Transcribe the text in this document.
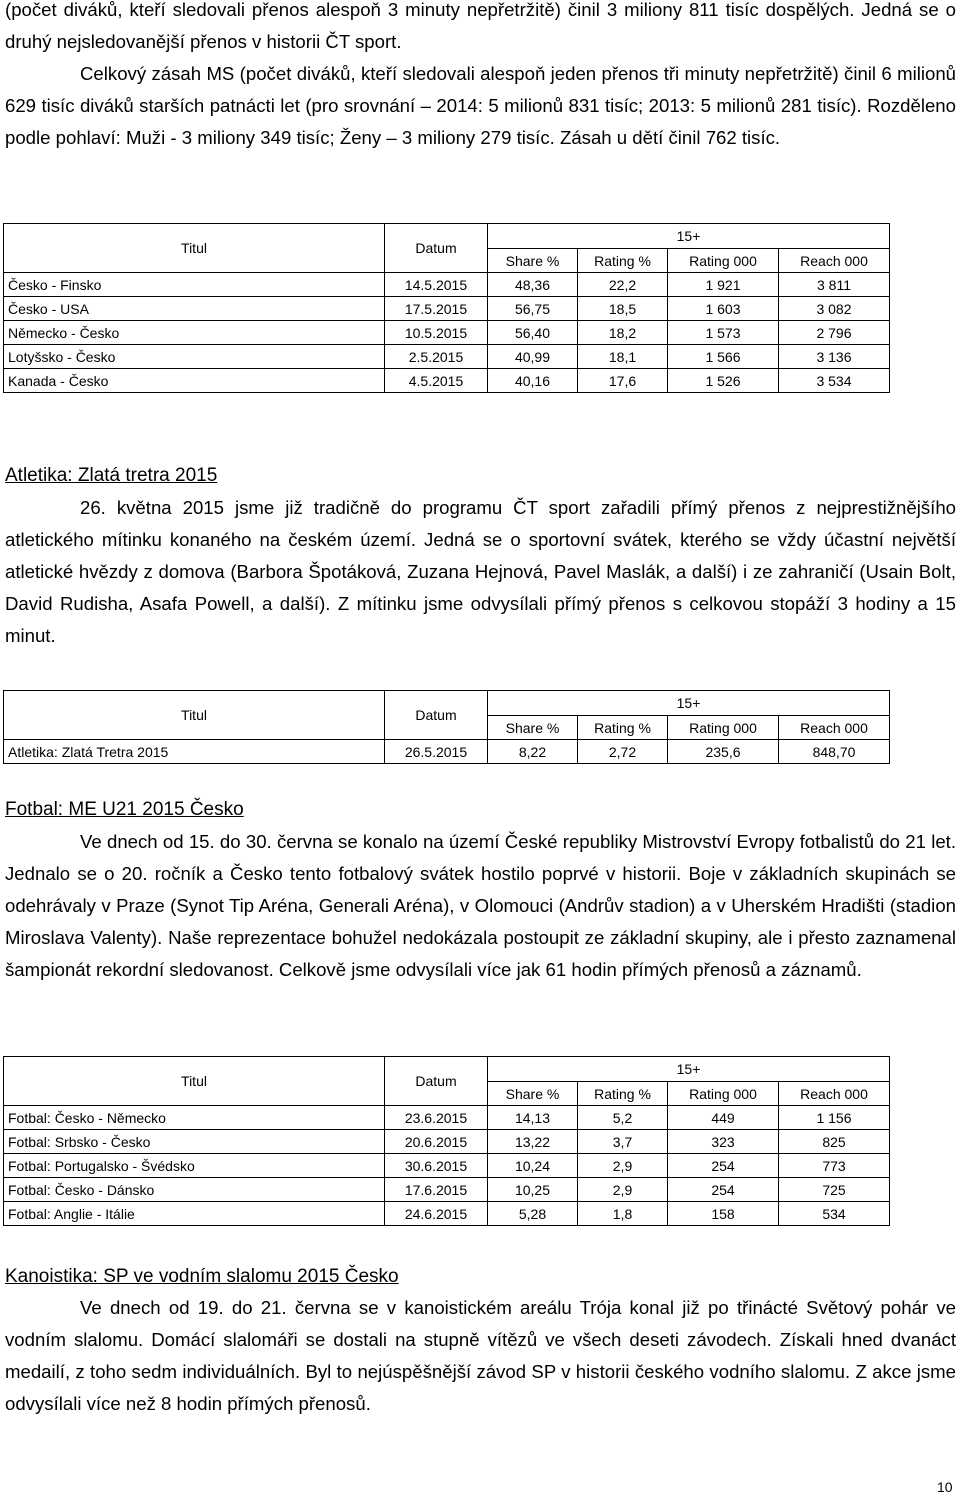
(počet diváků, kteří sledovali přenos alespoň 3 minuty nepřetržitě) činil 3 miliony 811 tisíc dospělých. Jedná se o druhý nejsledovanější přenos v historii ČT sport.

Celkový zásah MS (počet diváků, kteří sledovali alespoň jeden přenos tři minuty nepřetržitě) činil 6 milionů 629 tisíc diváků starších patnácti let (pro srovnání – 2014: 5 milionů 831 tisíc; 2013: 5 milionů 281 tisíc). Rozděleno podle pohlaví: Muži - 3 miliony 349 tisíc; Ženy – 3 miliony 279 tisíc. Zásah u dětí činil 762 tisíc.

Titul	Datum	15+			
		Share %	Rating %	Rating 000	Reach 000
Česko - Finsko	14.5.2015	48,36	22,2	1 921	3 811
Česko - USA	17.5.2015	56,75	18,5	1 603	3 082
Německo - Česko	10.5.2015	56,40	18,2	1 573	2 796
Lotyšsko - Česko	2.5.2015	40,99	18,1	1 566	3 136
Kanada - Česko	4.5.2015	40,16	17,6	1 526	3 534
Atletika: Zlatá tretra 2015

26. května 2015 jsme již tradičně do programu ČT sport zařadili přímý přenos z nejprestižnějšího atletického mítinku konaného na českém území. Jedná se o sportovní svátek, kterého se vždy účastní největší atletické hvězdy z domova (Barbora Špotáková, Zuzana Hejnová, Pavel Maslák, a další) i ze zahraničí (Usain Bolt, David Rudisha, Asafa Powell, a další). Z mítinku jsme odvysílali přímý přenos s celkovou stopáží 3 hodiny a 15 minut.

Titul	Datum	15+			
		Share %	Rating %	Rating 000	Reach 000
Atletika: Zlatá Tretra 2015	26.5.2015	8,22	2,72	235,6	848,70
Fotbal: ME U21 2015 Česko

Ve dnech od 15. do 30. června se konalo na území České republiky Mistrovství Evropy fotbalistů do 21 let. Jednalo se o 20. ročník a Česko tento fotbalový svátek hostilo poprvé v historii. Boje v základních skupinách se odehrávaly v Praze (Synot Tip Aréna, Generali Aréna), v Olomouci (Andrův stadion) a v Uherském Hradišti (stadion Miroslava Valenty). Naše reprezentace bohužel nedokázala postoupit ze základní skupiny, ale i přesto zaznamenal šampionát rekordní sledovanost. Celkově jsme odvysílali více jak 61 hodin přímých přenosů a záznamů.

Titul	Datum	15+			
		Share %	Rating %	Rating 000	Reach 000
Fotbal: Česko - Německo	23.6.2015	14,13	5,2	449	1 156
Fotbal: Srbsko - Česko	20.6.2015	13,22	3,7	323	825
Fotbal: Portugalsko - Švédsko	30.6.2015	10,24	2,9	254	773
Fotbal: Česko - Dánsko	17.6.2015	10,25	2,9	254	725
Fotbal: Anglie - Itálie	24.6.2015	5,28	1,8	158	534
Kanoistika: SP ve vodním slalomu 2015 Česko

Ve dnech od 19. do 21. června se v kanoistickém areálu Trója konal již po třinácté Světový pohár ve vodním slalomu. Domácí slalomáři se dostali na stupně vítězů ve všech deseti závodech. Získali hned dvanáct medailí, z toho sedm individuálních. Byl to nejúspěšnější závod SP v historii českého vodního slalomu. Z akce jsme odvysílali více než 8 hodin přímých přenosů.

10
